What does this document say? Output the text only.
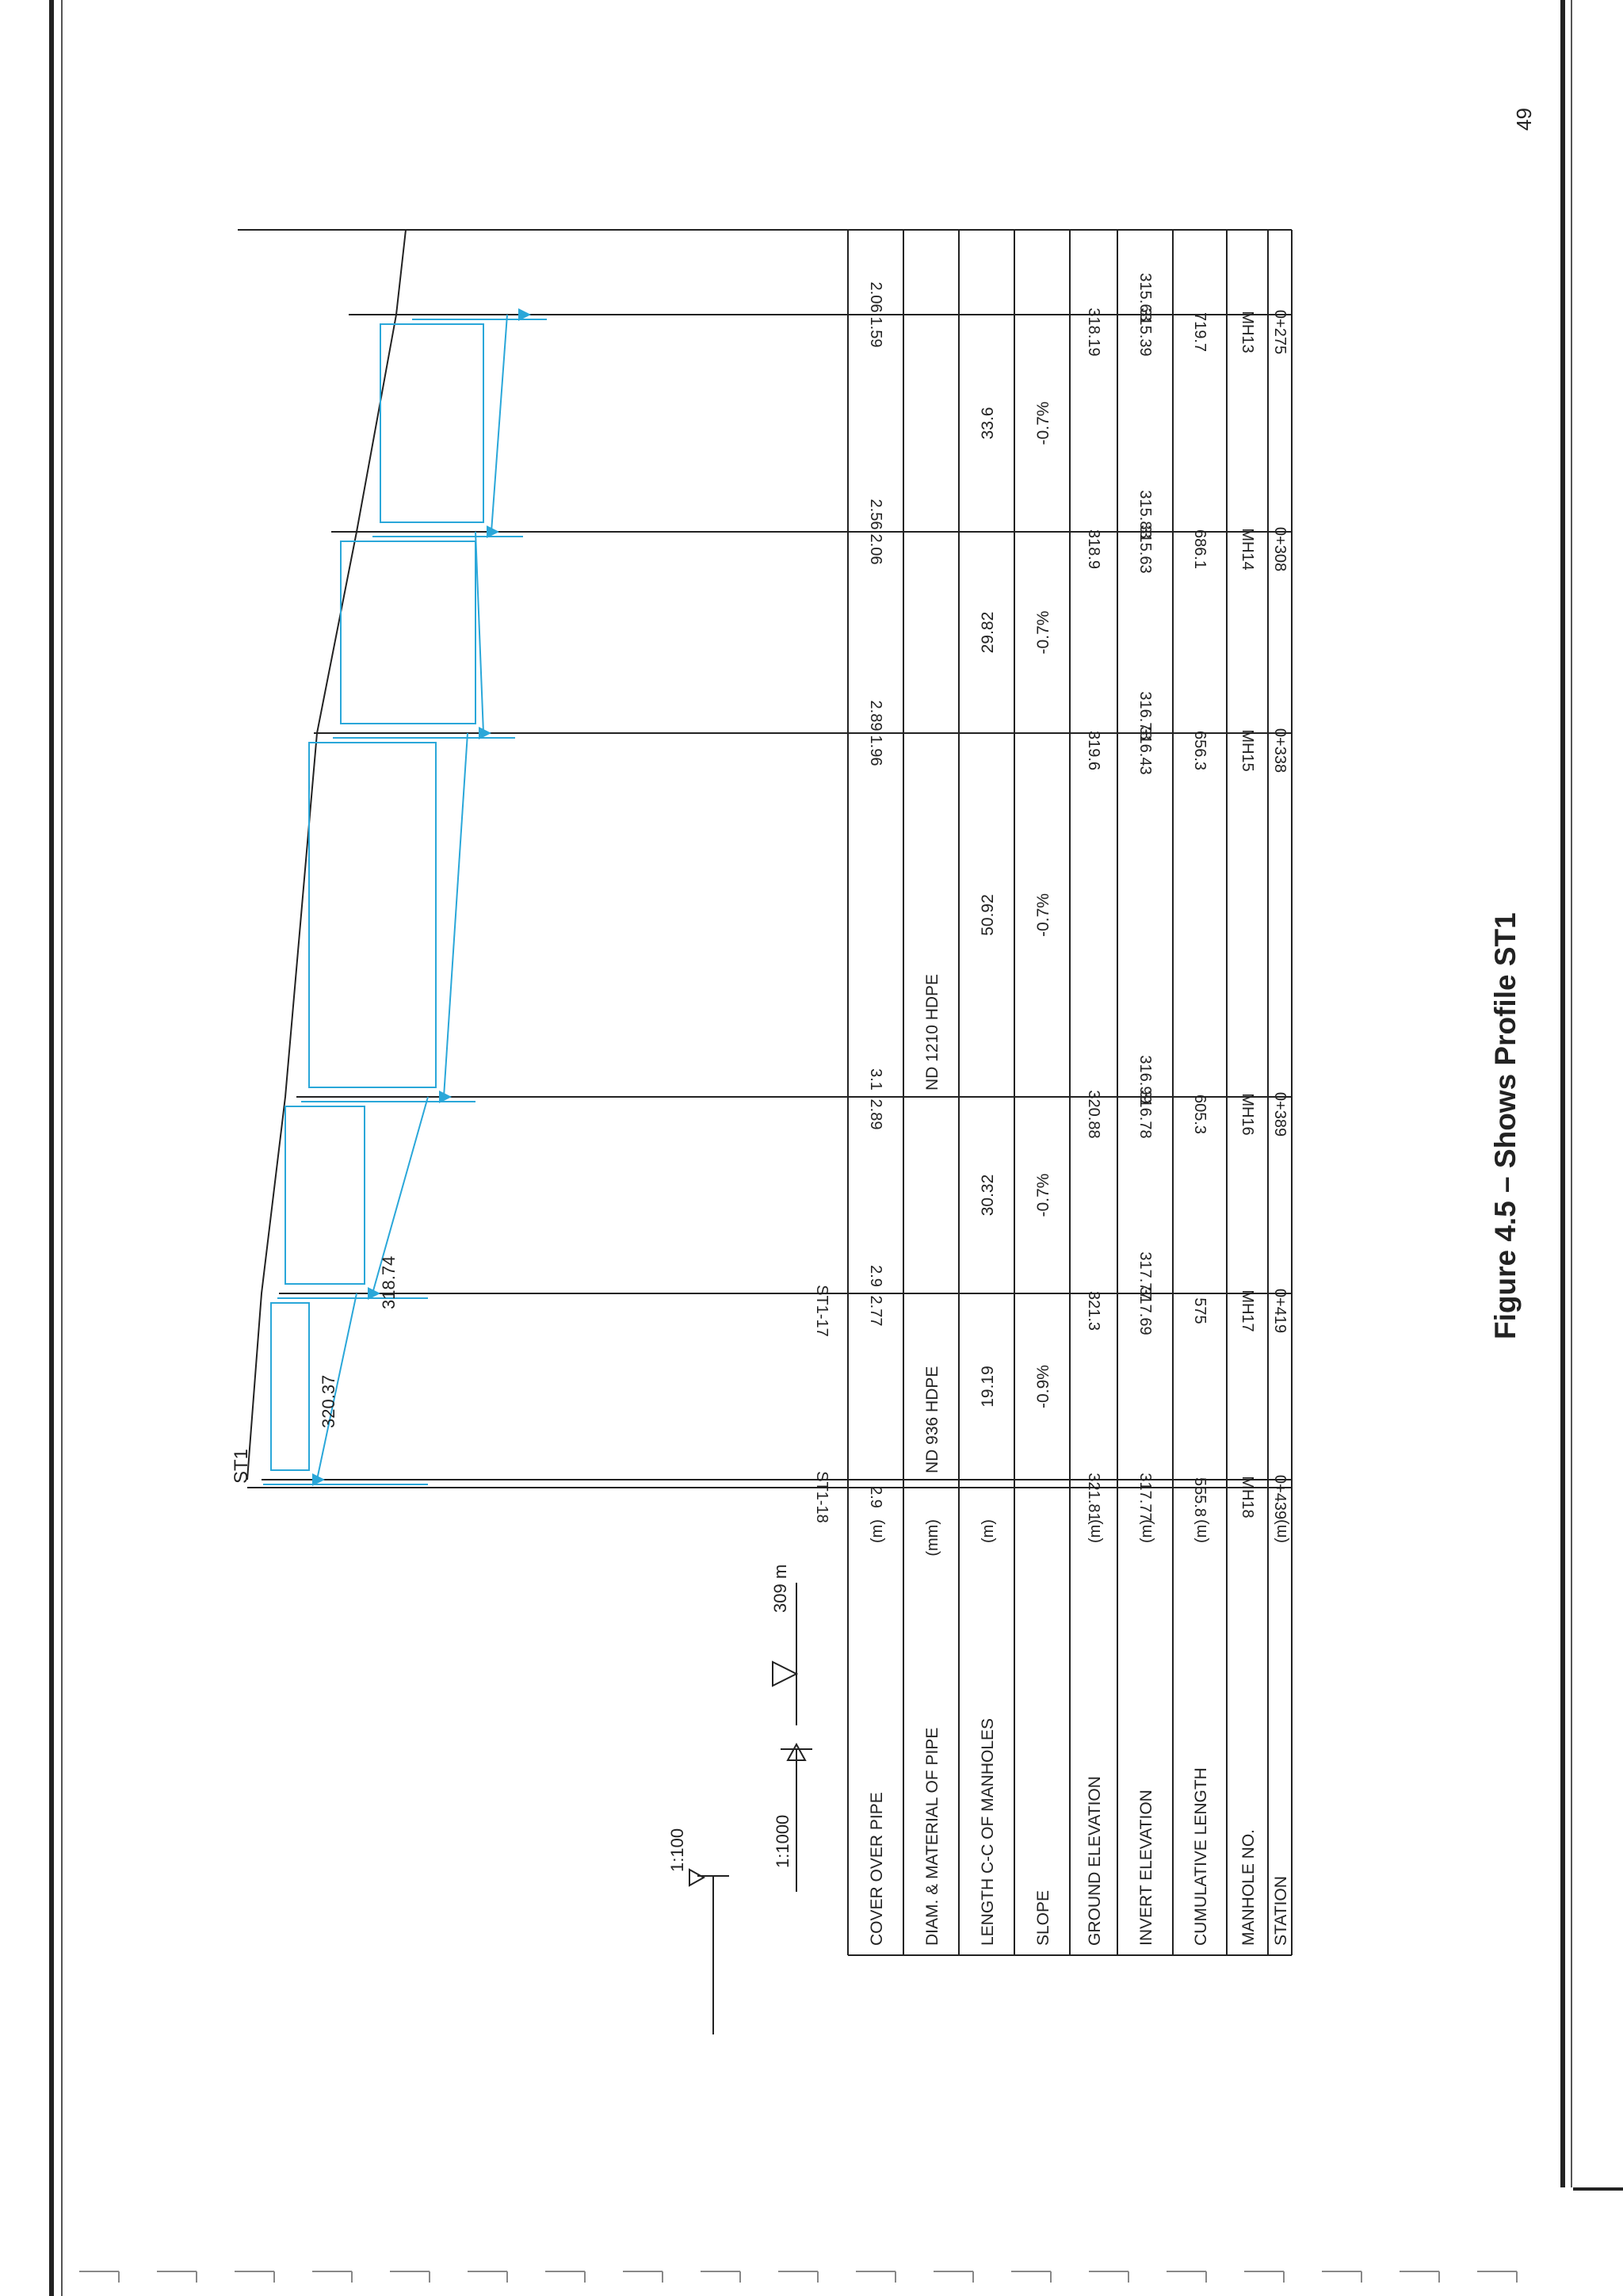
1:100	1:1000
309 m
ST1
320.37
318.74
COVER OVER PIPE
(m)
DIAM. & MATERIAL OF PIPE
(mm)
LENGTH C-C OF MANHOLES
(m)
SLOPE GROUND ELEVATION
(m)
INVERT ELEVATION
(m)
CUMULATIVE LENGTH
(m)
MANHOLE NO. STATION
(m)
0+439
MH18
555.8
321.81 317.77
2.9
ST1-18
0+419
MH17
575
321.3 317.69
317.77
2.77
2.9
ST1-17
0+389
MH16
605.3
320.88 316.78
316.99
2.89
3.1
0+338
MH15
656.3
319.6 316.43
316.78
1.96
2.89
0+308
MH14
686.1
318.9 315.63
315.83
2.06
2.56
0+275
MH13
719.7
318.19 315.39
315.63
1.59
2.06
19.19 -0.9%
ND 936 HDPE
30.32 -0.7%
50.92 -0.7%
ND 1210 HDPE
29.82 -0.7%
33.6 -0.7%
Figure 4.5 – Shows Profile ST1
49
